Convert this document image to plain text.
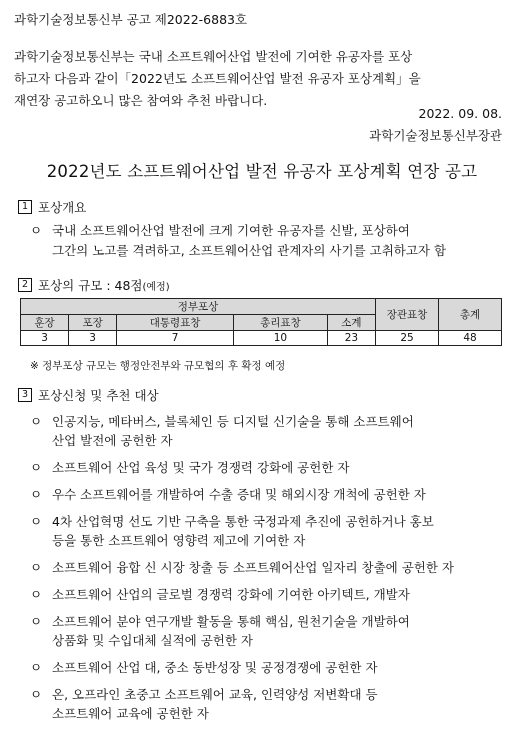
과학기술정보통신부 공고 제2022-6883호
과학기술정보통신부는 국내 소프트웨어산업 발전에 기여한 유공자를 포상
하고자 다음과 같이「2022년도 소프트웨어산업 발전 유공자 포상계획」을
재연장 공고하오니 많은 참여와 추천 바랍니다.
2022. 09. 08.
과학기술정보통신부장관
2022년도 소프트웨어산업 발전 유공자 포상계획 연장 공고
1 포상개요
ㅇ 국내 소프트웨어산업 발전에 크게 기여한 유공자를 신발, 포상하여
그간의 노고를 격려하고, 소프트웨어산업 관계자의 사기를 고취하고자 함
2 포상의 규모 : 48점 (예정)
정부포상					장관표창	총계
훈장	포장	대통령표창	총리표창	소계		
3	3	7	10	23	25	48
※ 정부포상 규모는 행정안전부와 규모협의 후 확정 예정
3 포상신청 및 추천 대상
ㅇ 인공지능, 메타버스, 블록체인 등 디지털 신기술을 통해 소프트웨어
산업 발전에 공헌한 자
ㅇ 소프트웨어 산업 육성 및 국가 경쟁력 강화에 공헌한 자
ㅇ 우수 소프트웨어를 개발하여 수출 증대 및 해외시장 개척에 공헌한 자
ㅇ 4차 산업혁명 선도 기반 구축을 통한 국정과제 추진에 공헌하거나 홍보
등을 통한 소프트웨어 영향력 제고에 기여한 자
ㅇ 소프트웨어 융합 신 시장 창출 등 소프트웨어산업 일자리 창출에 공헌한 자
ㅇ 소프트웨어 산업의 글로벌 경쟁력 강화에 기여한 아키텍트, 개발자
ㅇ 소프트웨어 분야 연구개발 활동을 통해 핵심, 원천기술을 개발하여
상품화 및 수입대체 실적에 공헌한 자
ㅇ 소프트웨어 산업 대, 중소 동반성장 및 공정경쟁에 공헌한 자
ㅇ 온, 오프라인 초중고 소프트웨어 교육, 인력양성 저변확대 등
소프트웨어 교육에 공헌한 자
